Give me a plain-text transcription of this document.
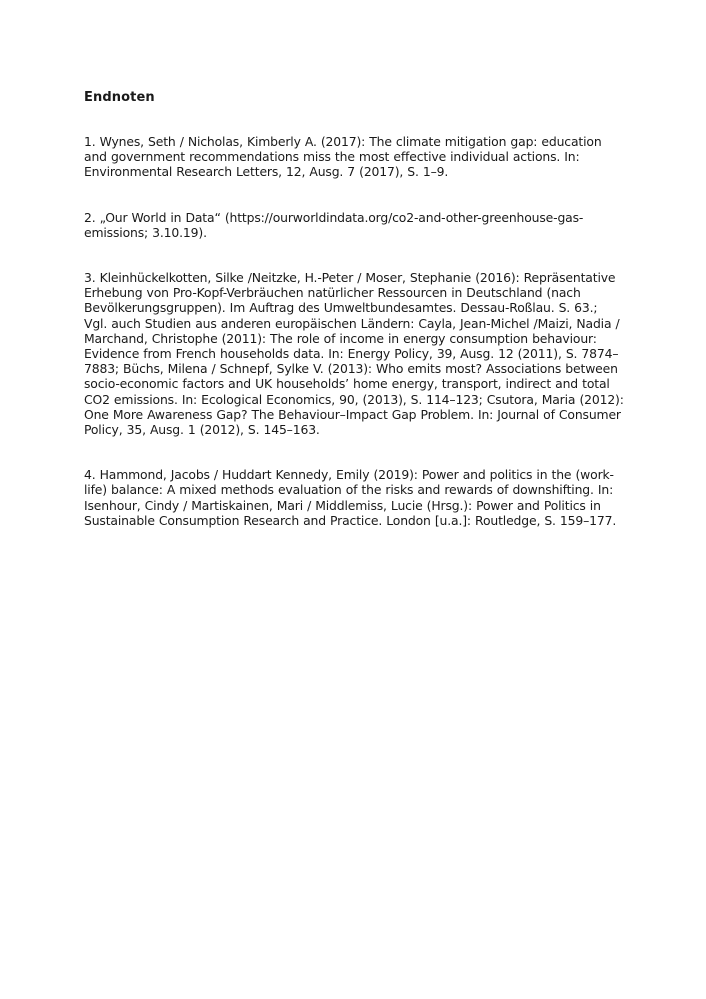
Endnoten
1. Wynes, Seth / Nicholas, Kimberly A. (2017): The climate mitigation gap: education and government recommendations miss the most effective individual actions. In: Environmental Research Letters, 12, Ausg. 7 (2017), S. 1–9.
2. „Our World in Data“ (https://ourworldindata.org/co2-and-other-greenhouse-gas-emissions; 3.10.19).
3. Kleinhückelkotten, Silke /Neitzke, H.-Peter / Moser, Stephanie (2016): Repräsentative Erhebung von Pro-Kopf-Verbräuchen natürlicher Ressourcen in Deutschland (nach Bevölkerungsgruppen). Im Auftrag des Umweltbundesamtes. Dessau-Roßlau. S. 63.; Vgl. auch Studien aus anderen europäischen Ländern: Cayla, Jean-Michel /Maizi, Nadia / Marchand, Christophe (2011): The role of income in energy consumption behaviour: Evidence from French households data. In: Energy Policy, 39, Ausg. 12 (2011), S. 7874–7883; Büchs, Milena / Schnepf, Sylke V. (2013): Who emits most? Associations between socio-economic factors and UK households’ home energy, transport, indirect and total CO2 emissions. In: Ecological Economics, 90, (2013), S. 114–123; Csutora, Maria (2012): One More Awareness Gap? The Behaviour–Impact Gap Problem. In: Journal of Consumer Policy, 35, Ausg. 1 (2012), S. 145–163.
4. Hammond, Jacobs / Huddart Kennedy, Emily (2019): Power and politics in the (work-life) balance: A mixed methods evaluation of the risks and rewards of downshifting. In: Isenhour, Cindy / Martiskainen, Mari / Middlemiss, Lucie (Hrsg.): Power and Politics in Sustainable Consumption Research and Practice. London [u.a.]: Routledge, S. 159–177.
